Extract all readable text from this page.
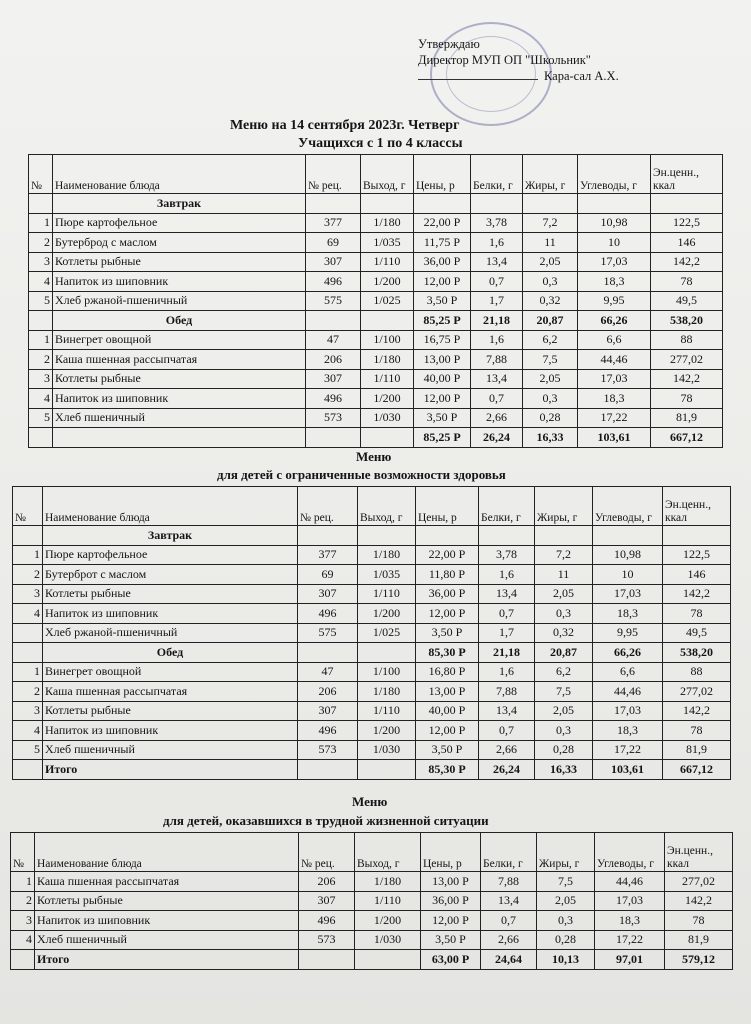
Утверждаю
Директор МУП ОП "Школьник"
Кара-сал А.Х.
Меню на 14 сентября 2023г. Четверг
Учащихся с 1 по 4 классы
№	Наименование блюда	№ рец.	Выход, г	Цены, р	Белки, г	Жиры, г	Углеводы, г	Эн.ценн., ккал
	Завтрак							
1	Пюре картофельное	377	1/180	22,00 Р	3,78	7,2	10,98	122,5
2	Бутерброд с маслом	69	1/035	11,75 Р	1,6	11	10	146
3	Котлеты рыбные	307	1/110	36,00 Р	13,4	2,05	17,03	142,2
4	Напиток из шиповник	496	1/200	12,00 Р	0,7	0,3	18,3	78
5	Хлеб ржаной-пшеничный	575	1/025	3,50 Р	1,7	0,32	9,95	49,5
	Обед			85,25 Р	21,18	20,87	66,26	538,20
1	Винегрет овощной	47	1/100	16,75 Р	1,6	6,2	6,6	88
2	Каша пшенная рассыпчатая	206	1/180	13,00 Р	7,88	7,5	44,46	277,02
3	Котлеты рыбные	307	1/110	40,00 Р	13,4	2,05	17,03	142,2
4	Напиток из шиповник	496	1/200	12,00 Р	0,7	0,3	18,3	78
5	Хлеб пшеничный	573	1/030	3,50 Р	2,66	0,28	17,22	81,9
				85,25 Р	26,24	16,33	103,61	667,12
Меню
для детей с ограниченные возможности здоровья
№	Наименование блюда	№ рец.	Выход, г	Цены, р	Белки, г	Жиры, г	Углеводы, г	Эн.ценн., ккал
	Завтрак							
1	Пюре картофельное	377	1/180	22,00 Р	3,78	7,2	10,98	122,5
2	Бутерброт с маслом	69	1/035	11,80 Р	1,6	11	10	146
3	Котлеты рыбные	307	1/110	36,00 Р	13,4	2,05	17,03	142,2
4	Напиток из шиповник	496	1/200	12,00 Р	0,7	0,3	18,3	78
	Хлеб ржаной-пшеничный	575	1/025	3,50 Р	1,7	0,32	9,95	49,5
	Обед			85,30 Р	21,18	20,87	66,26	538,20
1	Винегрет овощной	47	1/100	16,80 Р	1,6	6,2	6,6	88
2	Каша пшенная рассыпчатая	206	1/180	13,00 Р	7,88	7,5	44,46	277,02
3	Котлеты рыбные	307	1/110	40,00 Р	13,4	2,05	17,03	142,2
4	Напиток из шиповник	496	1/200	12,00 Р	0,7	0,3	18,3	78
5	Хлеб пшеничный	573	1/030	3,50 Р	2,66	0,28	17,22	81,9
	Итого			85,30 Р	26,24	16,33	103,61	667,12
Меню
для детей, оказавшихся в трудной жизненной ситуации
№	Наименование блюда	№ рец.	Выход, г	Цены, р	Белки, г	Жиры, г	Углеводы, г	Эн.ценн., ккал
1	Каша пшенная рассыпчатая	206	1/180	13,00 Р	7,88	7,5	44,46	277,02
2	Котлеты рыбные	307	1/110	36,00 Р	13,4	2,05	17,03	142,2
3	Напиток из шиповник	496	1/200	12,00 Р	0,7	0,3	18,3	78
4	Хлеб пшеничный	573	1/030	3,50 Р	2,66	0,28	17,22	81,9
	Итого			63,00 Р	24,64	10,13	97,01	579,12
